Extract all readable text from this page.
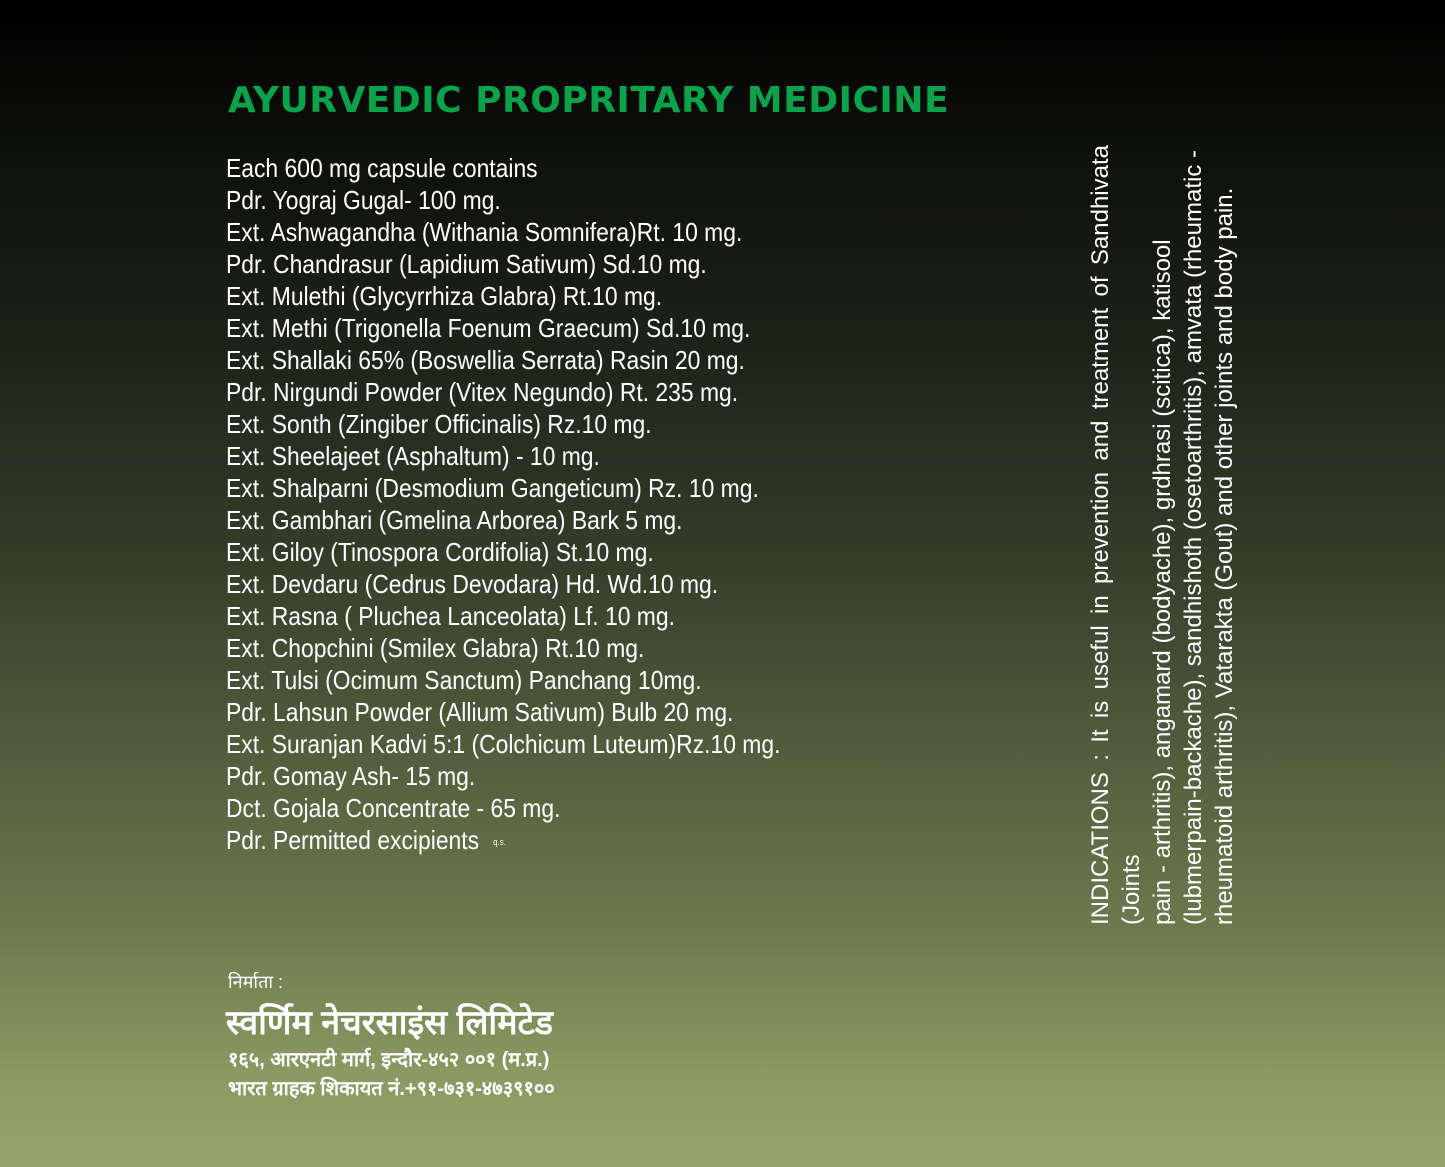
AYURVEDIC PROPRITARY MEDICINE
Each 600 mg capsule contains
Pdr. Yograj Gugal- 100 mg.
Ext. Ashwagandha (Withania Somnifera)Rt. 10 mg.
Pdr. Chandrasur (Lapidium Sativum) Sd.10 mg.
Ext. Mulethi (Glycyrrhiza Glabra) Rt.10 mg.
Ext. Methi (Trigonella Foenum Graecum) Sd.10 mg.
Ext. Shallaki 65% (Boswellia Serrata) Rasin 20 mg.
Pdr. Nirgundi Powder (Vitex Negundo) Rt. 235 mg.
Ext. Sonth (Zingiber Officinalis) Rz.10 mg.
Ext. Sheelajeet (Asphaltum) - 10 mg.
Ext. Shalparni (Desmodium Gangeticum) Rz. 10 mg.
Ext. Gambhari (Gmelina Arborea) Bark 5 mg.
Ext. Giloy (Tinospora Cordifolia) St.10 mg.
Ext. Devdaru (Cedrus Devodara) Hd. Wd.10 mg.
Ext. Rasna ( Pluchea Lanceolata) Lf. 10 mg.
Ext. Chopchini (Smilex Glabra) Rt.10 mg.
Ext. Tulsi (Ocimum Sanctum) Panchang 10mg.
Pdr. Lahsun Powder (Allium Sativum) Bulb 20 mg.
Ext. Suranjan Kadvi 5:1 (Colchicum Luteum)Rz.10 mg.
Pdr. Gomay Ash- 15 mg.
Dct. Gojala Concentrate - 65 mg.
Pdr. Permitted excipients q.s.	INDICATIONS : It is useful in prevention and treatment of Sandhivata (Joints pain - arthritis), angamard (bodyache), grdhrasi (scitica), katisool (lubmerpain-backache), sandhishoth (osetoarthritis), amvata (rheumatic - rheumatoid arthritis), Vatarakta (Gout) and other joints and body pain.
निर्माता :
स्वर्णिम नेचरसाइंस लिमिटेड
१६५, आरएनटी मार्ग, इन्दौर-४५२ ००१ (म.प्र.)
भारत ग्राहक शिकायत नं.+९१-७३१-४७३९१००
